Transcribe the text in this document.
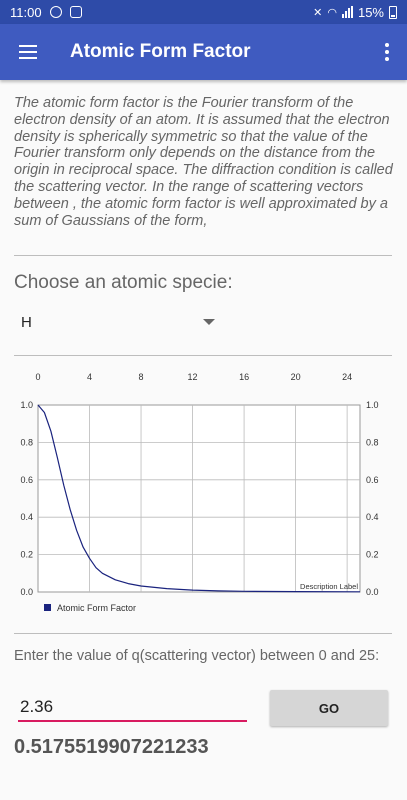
11:00	✕ ◠ 15%
Atomic Form Factor
The atomic form factor is the Fourier transform of the electron density of an atom. It is assumed that the electron density is spherically symmetric so that the value of the Fourier transform only depends on the distance from the origin in reciprocal space. The diffraction condition is called the scattering vector. In the range of scattering vectors between , the atomic form factor is well approximated by a sum of Gaussians of the form,
Choose an atomic specie:
H
0	4	8	12	16	20	24
0.0	0.0
0.2	0.2
0.4	0.4
0.6	0.6
0.8	0.8
1.0	1.0
Description Label
Atomic Form Factor
Enter the value of q(scattering vector) between 0 and 25:
2.36
GO
0.5175519907221233
